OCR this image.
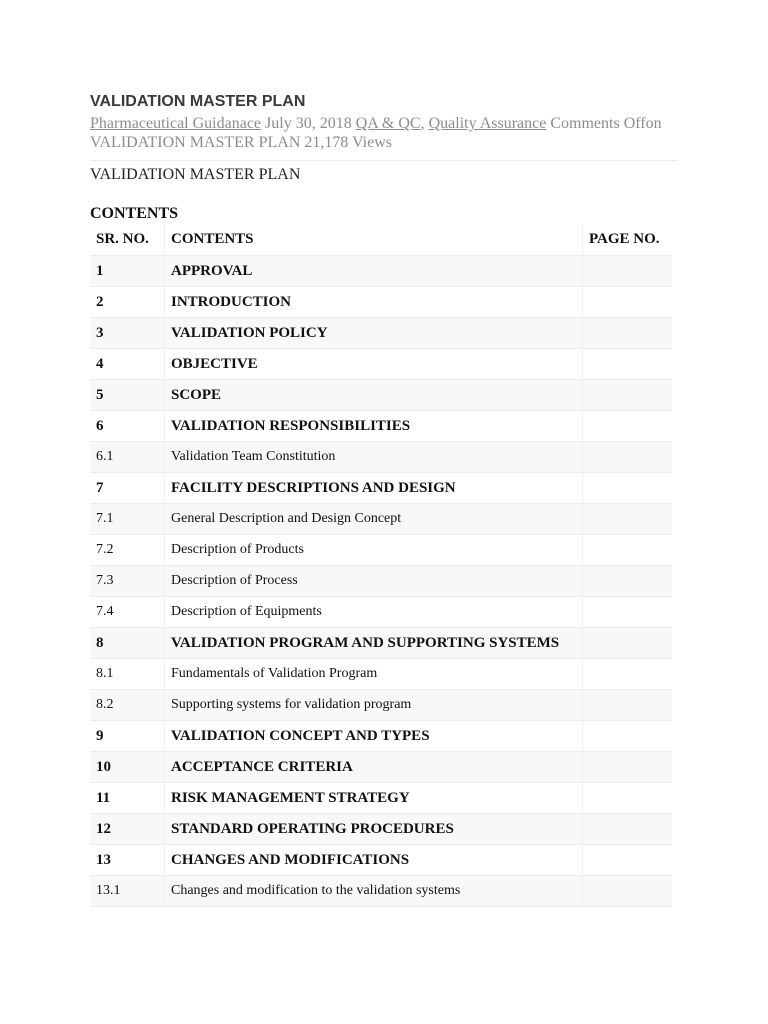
VALIDATION MASTER PLAN
Pharmaceutical Guidanace July 30, 2018 QA & QC, Quality Assurance Comments Offon VALIDATION MASTER PLAN 21,178 Views
VALIDATION MASTER PLAN
CONTENTS
SR. NO.	CONTENTS	PAGE NO.
1	APPROVAL	
2	INTRODUCTION	
3	VALIDATION POLICY	
4	OBJECTIVE	
5	SCOPE	
6	VALIDATION RESPONSIBILITIES	
6.1	Validation Team Constitution	
7	FACILITY DESCRIPTIONS AND DESIGN	
7.1	General Description and Design Concept	
7.2	Description of Products	
7.3	Description of Process	
7.4	Description of Equipments	
8	VALIDATION PROGRAM AND SUPPORTING SYSTEMS	
8.1	Fundamentals of Validation Program	
8.2	Supporting systems for validation program	
9	VALIDATION CONCEPT AND TYPES	
10	ACCEPTANCE CRITERIA	
11	RISK MANAGEMENT STRATEGY	
12	STANDARD OPERATING PROCEDURES	
13	CHANGES AND MODIFICATIONS	
13.1	Changes and modification to the validation systems	
